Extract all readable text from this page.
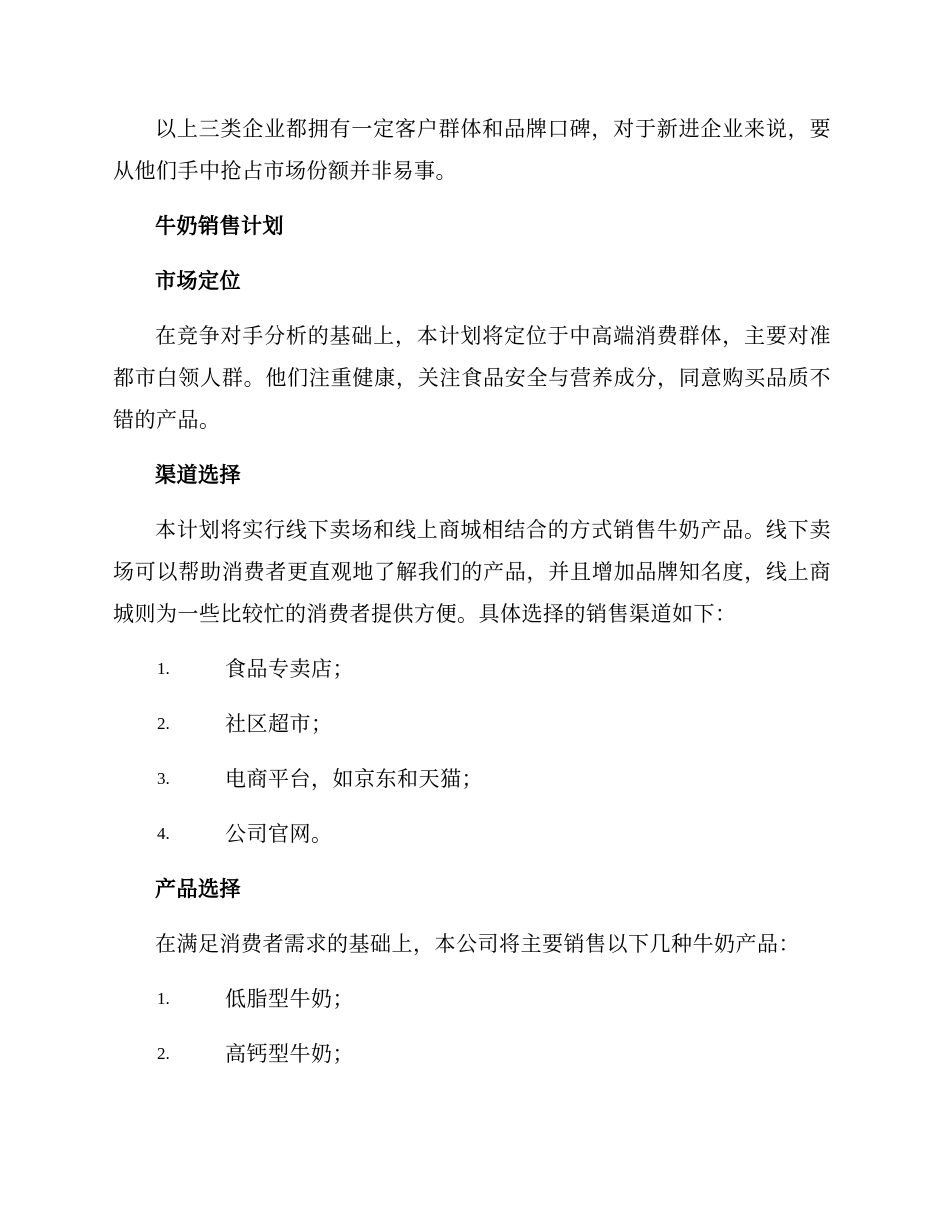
以上三类企业都拥有一定客户群体和品牌口碑，对于新进企业来说，要从他们手中抢占市场份额并非易事。

牛奶销售计划
市场定位

在竞争对手分析的基础上，本计划将定位于中高端消费群体，主要对准都市白领人群。他们注重健康，关注食品安全与营养成分，同意购买品质不错的产品。

渠道选择

本计划将实行线下卖场和线上商城相结合的方式销售牛奶产品。线下卖场可以帮助消费者更直观地了解我们的产品，并且增加品牌知名度，线上商城则为一些比较忙的消费者提供方便。具体选择的销售渠道如下：

1.	食品专卖店；
2.	社区超市；
3.	电商平台，如京东和天猫；
4.	公司官网。
产品选择

在满足消费者需求的基础上，本公司将主要销售以下几种牛奶产品：

1.	低脂型牛奶；
2.	高钙型牛奶；
